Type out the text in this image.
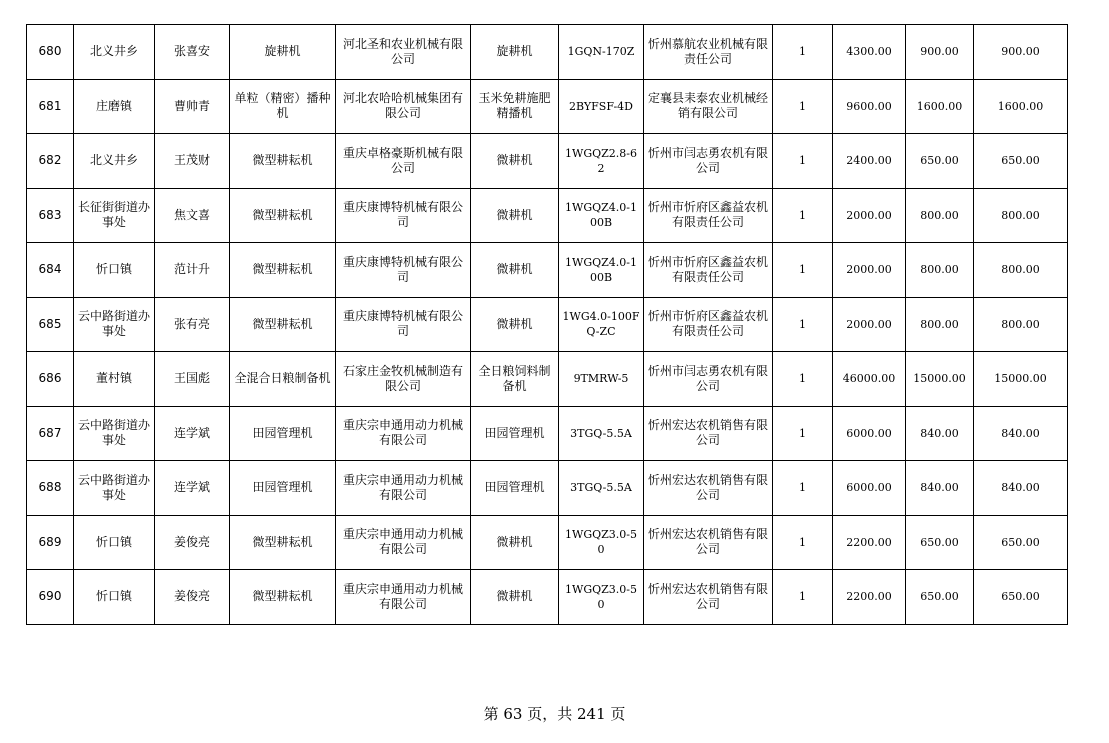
680	北义井乡	张喜安	旋耕机	河北圣和农业机械有限公司	旋耕机	1GQN-170Z	忻州慕航农业机械有限责任公司	1	4300.00	900.00	900.00
681	庄磨镇	曹帅青	单粒（精密）播种机	河北农哈哈机械集团有限公司	玉米免耕施肥精播机	2BYFSF-4D	定襄县耒泰农业机械经销有限公司	1	9600.00	1600.00	1600.00
682	北义井乡	王茂财	微型耕耘机	重庆卓格豪斯机械有限公司	微耕机	1WGQZ2.8-62	忻州市闫志勇农机有限公司	1	2400.00	650.00	650.00
683	长征街街道办事处	焦文喜	微型耕耘机	重庆康博特机械有限公司	微耕机	1WGQZ4.0-100B	忻州市忻府区鑫益农机有限责任公司	1	2000.00	800.00	800.00
684	忻口镇	范计升	微型耕耘机	重庆康博特机械有限公司	微耕机	1WGQZ4.0-100B	忻州市忻府区鑫益农机有限责任公司	1	2000.00	800.00	800.00
685	云中路街道办事处	张有亮	微型耕耘机	重庆康博特机械有限公司	微耕机	1WG4.0-100FQ-ZC	忻州市忻府区鑫益农机有限责任公司	1	2000.00	800.00	800.00
686	董村镇	王国彪	全混合日粮制备机	石家庄金牧机械制造有限公司	全日粮饲料制备机	9TMRW-5	忻州市闫志勇农机有限公司	1	46000.00	15000.00	15000.00
687	云中路街道办事处	连学斌	田园管理机	重庆宗申通用动力机械有限公司	田园管理机	3TGQ-5.5A	忻州宏达农机销售有限公司	1	6000.00	840.00	840.00
688	云中路街道办事处	连学斌	田园管理机	重庆宗申通用动力机械有限公司	田园管理机	3TGQ-5.5A	忻州宏达农机销售有限公司	1	6000.00	840.00	840.00
689	忻口镇	姜俊亮	微型耕耘机	重庆宗申通用动力机械有限公司	微耕机	1WGQZ3.0-50	忻州宏达农机销售有限公司	1	2200.00	650.00	650.00
690	忻口镇	姜俊亮	微型耕耘机	重庆宗申通用动力机械有限公司	微耕机	1WGQZ3.0-50	忻州宏达农机销售有限公司	1	2200.00	650.00	650.00
第 63 页，共 241 页
